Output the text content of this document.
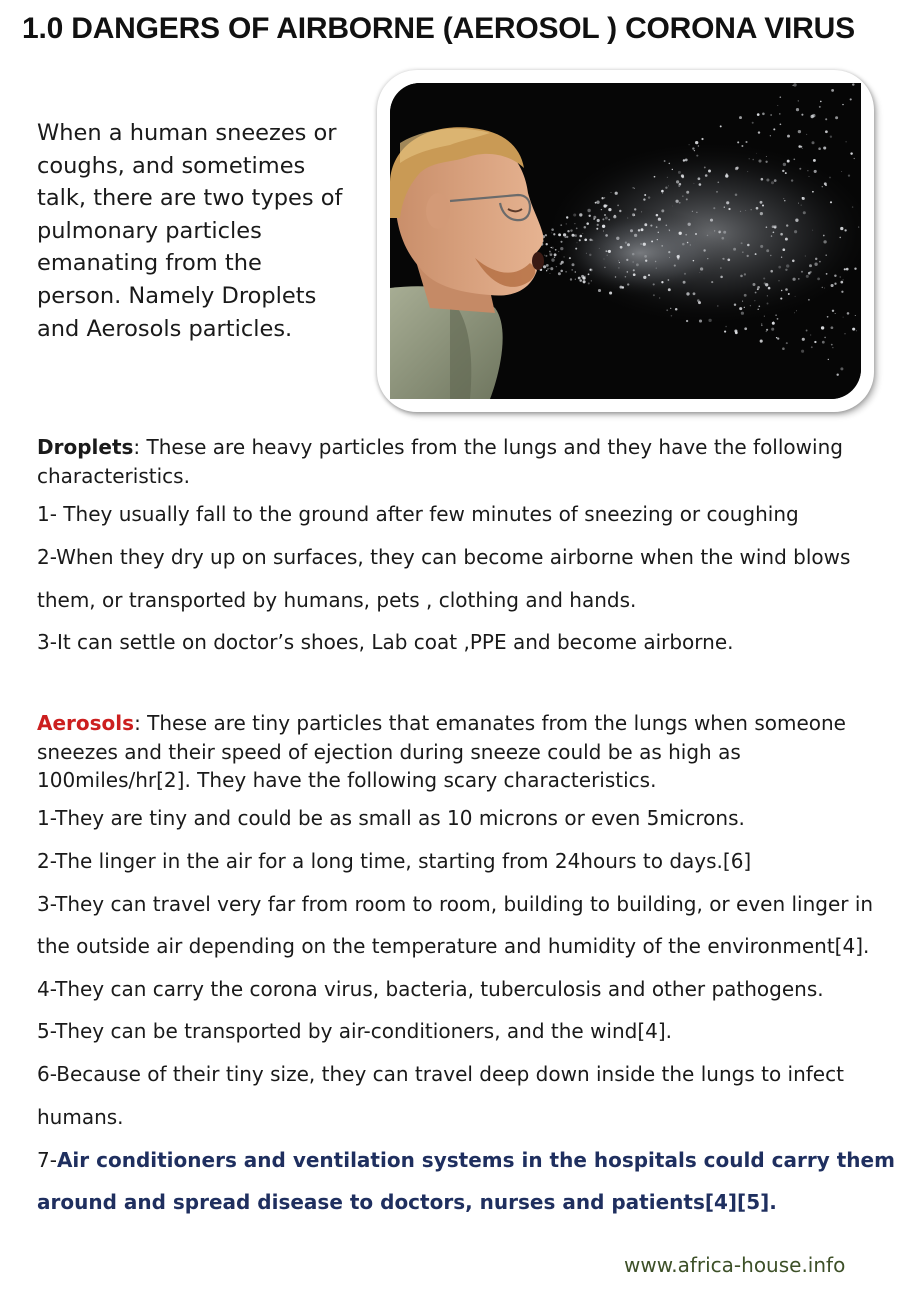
1.0 DANGERS OF AIRBORNE (AEROSOL ) CORONA VIRUS
When a human sneezes or
coughs, and sometimes
talk, there are two types of
pulmonary particles
emanating from the
person. Namely Droplets
and Aerosols particles.
Droplets: These are heavy particles from the lungs and they have the following characteristics.
1- They usually fall to the ground after few minutes of sneezing or coughing
2-When they dry up on surfaces, they can become airborne when the wind blows
them, or transported by humans, pets , clothing and hands.
3-It can settle on doctor’s shoes, Lab coat ,PPE and become airborne.
Aerosols: These are tiny particles that emanates from the lungs when someone
sneezes and their speed of ejection during sneeze could be as high as
100miles/hr[2]. They have the following scary characteristics.
1-They are tiny and could be as small as 10 microns or even 5microns.
2-The linger in the air for a long time, starting from 24hours to days.[6]
3-They can travel very far from room to room, building to building, or even linger in
the outside air depending on the temperature and humidity of the environment[4].
4-They can carry the corona virus, bacteria, tuberculosis and other pathogens.
5-They can be transported by air-conditioners, and the wind[4].
6-Because of their tiny size, they can travel deep down inside the lungs to infect
humans.
7-Air conditioners and ventilation systems in the hospitals could carry them
around and spread disease to doctors, nurses and patients[4][5].
www.africa-house.info
